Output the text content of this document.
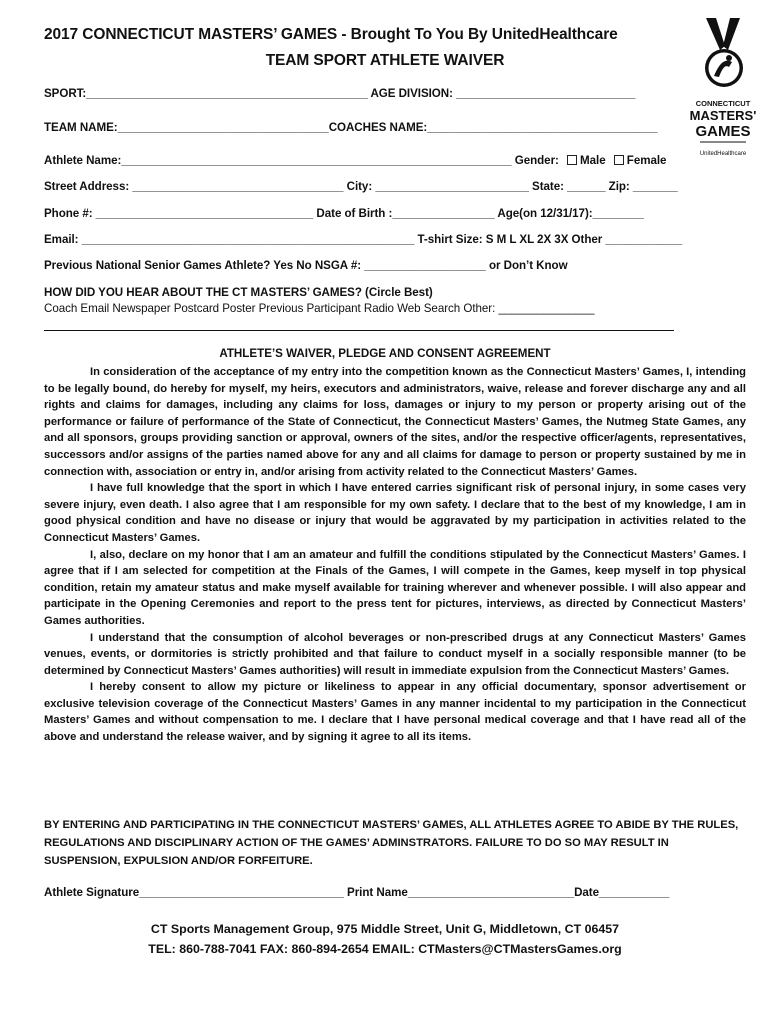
2017 CONNECTICUT MASTERS’ GAMES - Brought To You By UnitedHealthcare
TEAM SPORT ATHLETE WAIVER
CONNECTICUT
MASTERS'
GAMES
UnitedHealthcare
SPORT:____________________________________________ AGE DIVISION: ____________________________
TEAM NAME:_________________________________COACHES NAME:____________________________________
Athlete Name:_____________________________________________________________ Gender: Male Female
Street Address: _________________________________ City: ________________________ State: ______ Zip: _______
Phone #: __________________________________ Date of Birth :________________ Age(on 12/31/17):________
Email: ____________________________________________________ T-shirt Size: S M L XL 2X 3X Other ____________
Previous National Senior Games Athlete? Yes No NSGA #: ___________________ or Don’t Know
HOW DID YOU HEAR ABOUT THE CT MASTERS’ GAMES? (Circle Best)
Coach Email Newspaper Postcard Poster Previous Participant Radio Web Search Other: _______________
ATHLETE’S WAIVER, PLEDGE AND CONSENT AGREEMENT

In consideration of the acceptance of my entry into the competition known as the Connecticut Masters’ Games, I, intending to be legally bound, do hereby for myself, my heirs, executors and administrators, waive, release and forever discharge any and all rights and claims for damages, including any claims for loss, damages or injury to my person or property arising out of the performance or failure of performance of the State of Connecticut, the Connecticut Masters’ Games, the Nutmeg State Games, any and all sponsors, groups providing sanction or approval, owners of the sites, and/or the respective officer/agents, representatives, successors and/or assigns of the parties named above for any and all claims for damage to person or property sustained by me in connection with, association or entry in, and/or arising from activity related to the Connecticut Masters’ Games.

I have full knowledge that the sport in which I have entered carries significant risk of personal injury, in some cases very severe injury, even death. I also agree that I am responsible for my own safety. I declare that to the best of my knowledge, I am in good physical condition and have no disease or injury that would be aggravated by my participation in activities related to the Connecticut Masters’ Games.

I, also, declare on my honor that I am an amateur and fulfill the conditions stipulated by the Connecticut Masters’ Games. I agree that if I am selected for competition at the Finals of the Games, I will compete in the Games, keep myself in top physical condition, retain my amateur status and make myself available for training wherever and whenever possible. I will also appear and participate in the Opening Ceremonies and report to the press tent for pictures, interviews, as directed by Connecticut Masters’ Games authorities.

I understand that the consumption of alcohol beverages or non-prescribed drugs at any Connecticut Masters’ Games venues, events, or dormitories is strictly prohibited and that failure to conduct myself in a socially responsible manner (to be determined by Connecticut Masters’ Games authorities) will result in immediate expulsion from the Connecticut Masters’ Games.

I hereby consent to allow my picture or likeliness to appear in any official documentary, sponsor advertisement or exclusive television coverage of the Connecticut Masters’ Games in any manner incidental to my participation in the Connecticut Masters’ Games and without compensation to me. I declare that I have personal medical coverage and that I have read all of the above and understand the release waiver, and by signing it agree to all its items.

BY ENTERING AND PARTICIPATING IN THE CONNECTICUT MASTERS’ GAMES, ALL ATHLETES AGREE TO ABIDE BY THE RULES, REGULATIONS AND DISCIPLINARY ACTION OF THE GAMES’ ADMINSTRATORS. FAILURE TO DO SO MAY RESULT IN SUSPENSION, EXPULSION AND/OR FORFEITURE.
Athlete Signature________________________________ Print Name__________________________Date___________
CT Sports Management Group, 975 Middle Street, Unit G, Middletown, CT 06457
TEL: 860-788-7041 FAX: 860-894-2654 EMAIL: CTMasters@CTMastersGames.org
